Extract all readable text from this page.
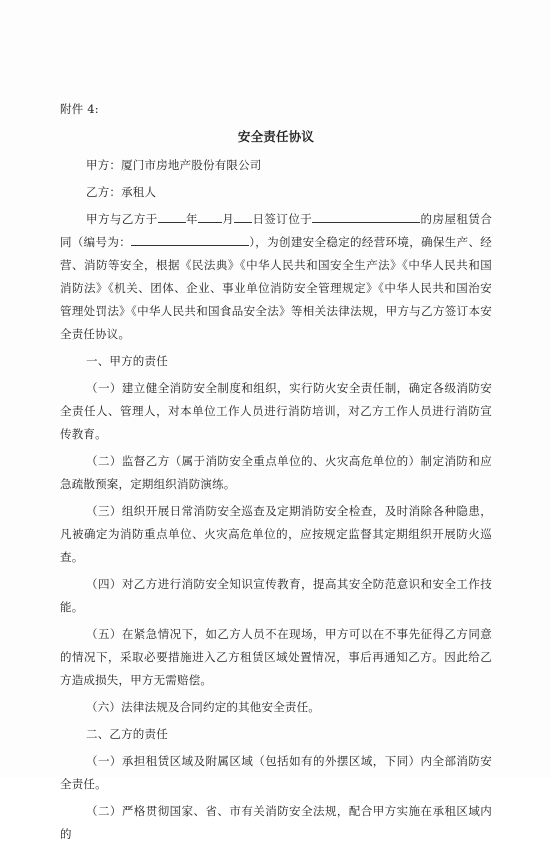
附件 4:
安全责任协议

甲方：厦门市房地产股份有限公司

乙方：承租人

甲方与乙方于 年 月 日签订位于	的房屋租赁合同（编号为：	），为创建安全稳定的经营环境，确保生产、经营、消防等安全，根据《民法典》《中华人民共和国安全生产法》《中华人民共和国消防法》《机关、团体、企业、事业单位消防安全管理规定》《中华人民共和国治安管理处罚法》《中华人民共和国食品安全法》等相关法律法规，甲方与乙方签订本安全责任协议。

一、甲方的责任

（一）建立健全消防安全制度和组织，实行防火安全责任制，确定各级消防安全责任人、管理人，对本单位工作人员进行消防培训，对乙方工作人员进行消防宣传教育。

（二）监督乙方（属于消防安全重点单位的、火灾高危单位的）制定消防和应急疏散预案，定期组织消防演练。

（三）组织开展日常消防安全巡查及定期消防安全检查，及时消除各种隐患，凡被确定为消防重点单位、火灾高危单位的，应按规定监督其定期组织开展防火巡查。

（四）对乙方进行消防安全知识宣传教育，提高其安全防范意识和安全工作技能。

（五）在紧急情况下，如乙方人员不在现场，甲方可以在不事先征得乙方同意的情况下，采取必要措施进入乙方租赁区域处置情况，事后再通知乙方。因此给乙方造成损失，甲方无需赔偿。

（六）法律法规及合同约定的其他安全责任。

二、乙方的责任

（一）承担租赁区域及附属区域（包括如有的外摆区域，下同）内全部消防安全责任。

（二）严格贯彻国家、省、市有关消防安全法规，配合甲方实施在承租区域内的
